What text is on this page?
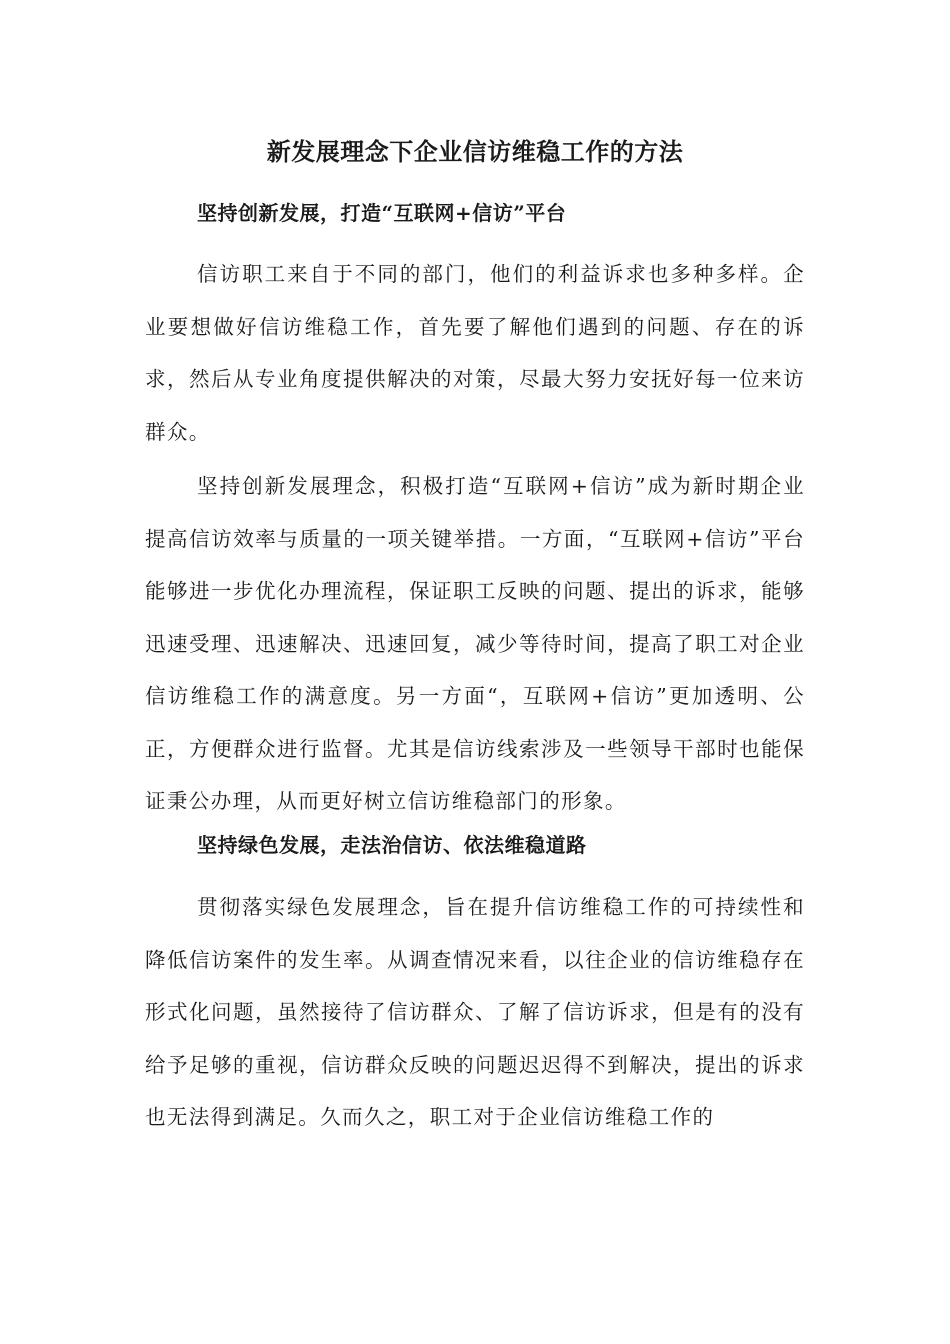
新发展理念下企业信访维稳工作的方法
坚持创新发展，打造“互联网+信访”平台

信访职工来自于不同的部门，他们的利益诉求也多种多样。企业要想做好信访维稳工作，首先要了解他们遇到的问题、存在的诉求，然后从专业角度提供解决的对策，尽最大努力安抚好每一位来访群众。

坚持创新发展理念，积极打造“互联网+信访”成为新时期企业提高信访效率与质量的一项关键举措。一方面，“互联网+信访”平台能够进一步优化办理流程，保证职工反映的问题、提出的诉求，能够迅速受理、迅速解决、迅速回复，减少等待时间，提高了职工对企业信访维稳工作的满意度。另一方面“，互联网+信访”更加透明、公正，方便群众进行监督。尤其是信访线索涉及一些领导干部时也能保证秉公办理，从而更好树立信访维稳部门的形象。

坚持绿色发展，走法治信访、依法维稳道路

贯彻落实绿色发展理念，旨在提升信访维稳工作的可持续性和降低信访案件的发生率。从调查情况来看，以往企业的信访维稳存在形式化问题，虽然接待了信访群众、了解了信访诉求，但是有的没有给予足够的重视，信访群众反映的问题迟迟得不到解决，提出的诉求也无法得到满足。久而久之，职工对于企业信访维稳工作的
